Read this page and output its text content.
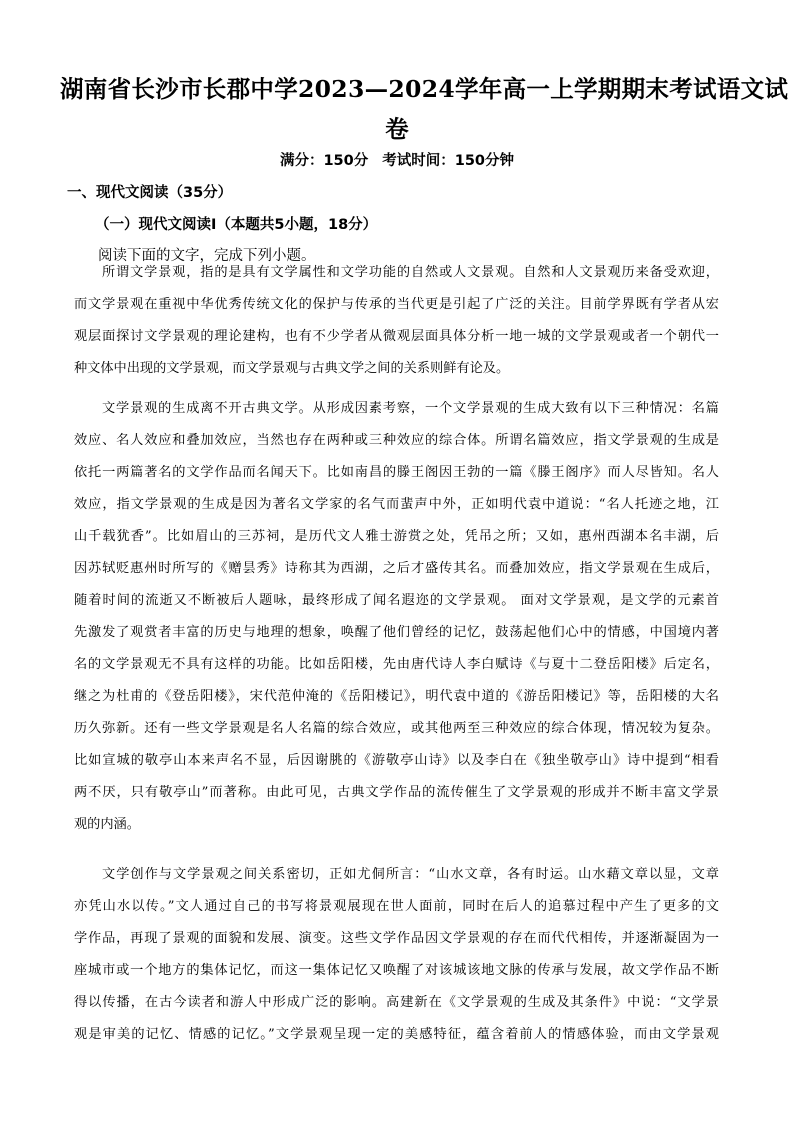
湖南省长沙市长郡中学2023—2024学年高一上学期期末考试语文试
卷
满分：150分 考试时间：150分钟
一、现代文阅读（35分）
（一）现代文阅读Ⅰ（本题共5小题，18分）
阅读下面的文字，完成下列小题。
所谓文学景观，指的是具有文学属性和文学功能的自然或人文景观。自然和人文景观历来备受欢迎，
而文学景观在重视中华优秀传统文化的保护与传承的当代更是引起了广泛的关注。目前学界既有学者从宏
观层面探讨文学景观的理论建构，也有不少学者从微观层面具体分析一地一城的文学景观或者一个朝代一
种文体中出现的文学景观，而文学景观与古典文学之间的关系则鲜有论及。
文学景观的生成离不开古典文学。从形成因素考察，一个文学景观的生成大致有以下三种情况：名篇
效应、名人效应和叠加效应，当然也存在两种或三种效应的综合体。所谓名篇效应，指文学景观的生成是
依托一两篇著名的文学作品而名闻天下。比如南昌的滕王阁因王勃的一篇《滕王阁序》而人尽皆知。名人
效应，指文学景观的生成是因为著名文学家的名气而蜚声中外，正如明代袁中道说：“名人托迹之地，江
山千载犹香”。比如眉山的三苏祠，是历代文人雅士游赏之处，凭吊之所；又如，惠州西湖本名丰湖，后
因苏轼贬惠州时所写的《赠昙秀》诗称其为西湖，之后才盛传其名。而叠加效应，指文学景观在生成后，
随着时间的流逝又不断被后人题咏，最终形成了闻名遐迩的文学景观。 面对文学景观，是文学的元素首
先激发了观赏者丰富的历史与地理的想象，唤醒了他们曾经的记忆，鼓荡起他们心中的情感，中国境内著
名的文学景观无不具有这样的功能。比如岳阳楼，先由唐代诗人李白赋诗《与夏十二登岳阳楼》后定名，
继之为杜甫的《登岳阳楼》，宋代范仲淹的《岳阳楼记》，明代袁中道的《游岳阳楼记》等，岳阳楼的大名
历久弥新。还有一些文学景观是名人名篇的综合效应，或其他两至三种效应的综合体现，情况较为复杂。
比如宣城的敬亭山本来声名不显，后因谢朓的《游敬亭山诗》以及李白在《独坐敬亭山》诗中提到“相看
两不厌，只有敬亭山”而著称。由此可见，古典文学作品的流传催生了文学景观的形成并不断丰富文学景
观的内涵。
文学创作与文学景观之间关系密切，正如尤侗所言：“山水文章，各有时运。山水藉文章以显，文章
亦凭山水以传。”文人通过自己的书写将景观展现在世人面前，同时在后人的追慕过程中产生了更多的文
学作品，再现了景观的面貌和发展、演变。这些文学作品因文学景观的存在而代代相传，并逐渐凝固为一
座城市或一个地方的集体记忆，而这一集体记忆又唤醒了对该城该地文脉的传承与发展，故文学作品不断
得以传播，在古今读者和游人中形成广泛的影响。高建新在《文学景观的生成及其条件》中说：“文学景
观是审美的记忆、情感的记忆。”文学景观呈现一定的美感特征，蕴含着前人的情感体验，而由文学景观
